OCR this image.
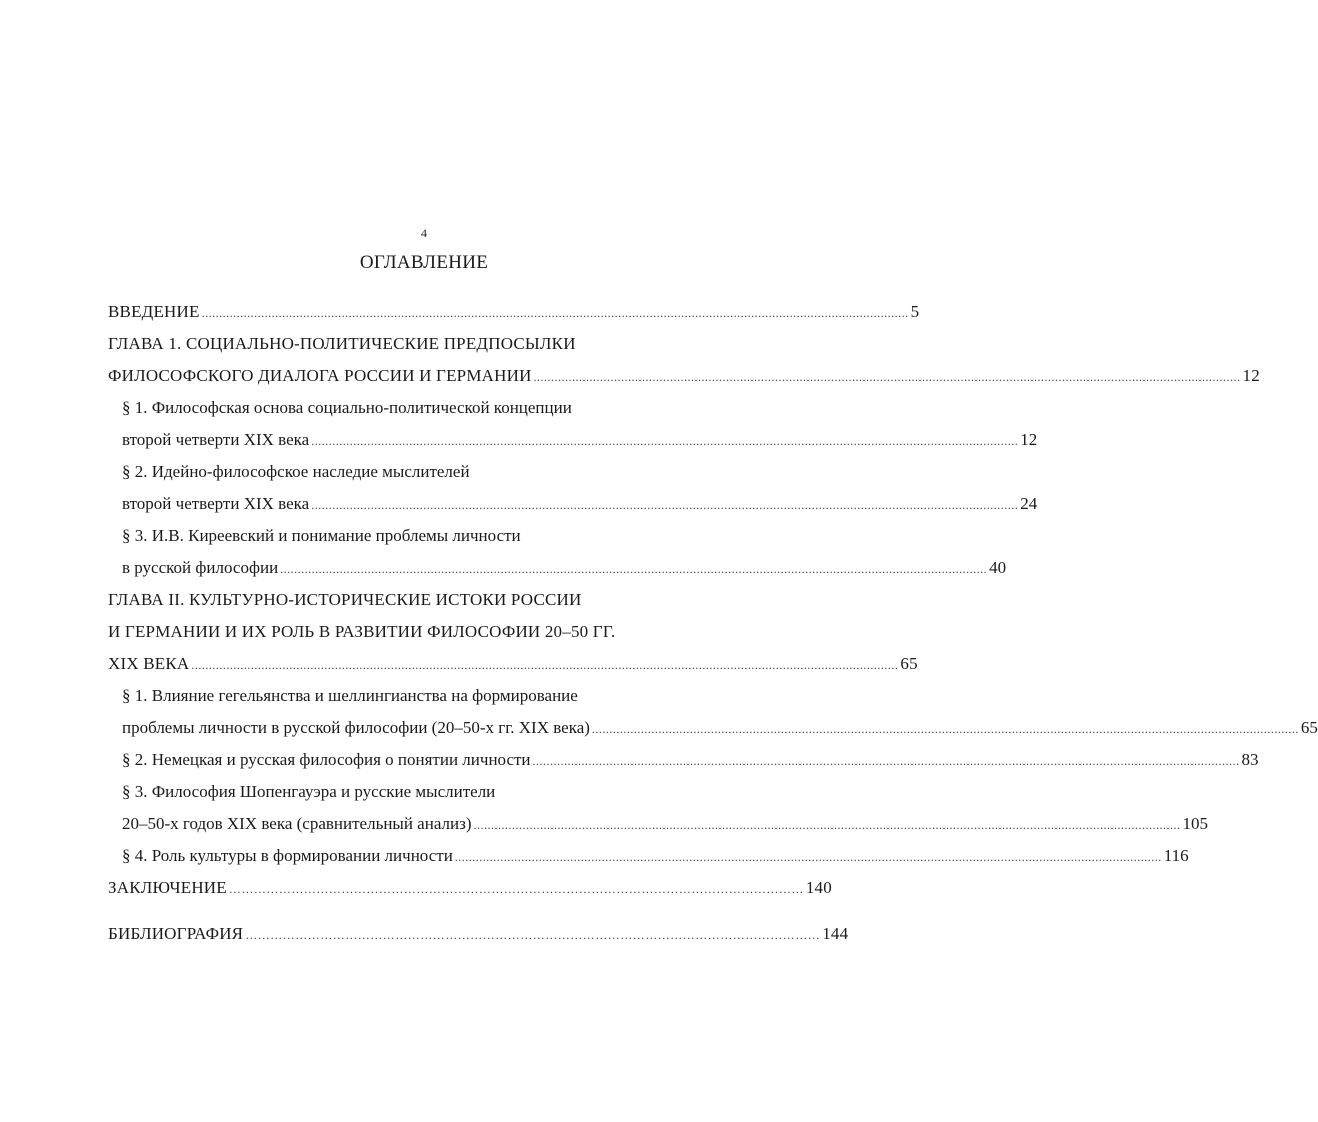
4
ОГЛАВЛЕНИЕ
ВВЕДЕНИЕ .......................................................................................................................................................................................................... 5
ГЛАВА 1. СОЦИАЛЬНО-ПОЛИТИЧЕСКИЕ ПРЕДПОСЫЛКИ
ФИЛОСОФСКОГО ДИАЛОГА РОССИИ И ГЕРМАНИИ .......................................................................................................................................................................................................... 12
§ 1. Философская основа социально-политической концепции
второй четверти XIX века .......................................................................................................................................................................................................... 12
§ 2. Идейно-философское наследие мыслителей
второй четверти XIX века .......................................................................................................................................................................................................... 24
§ 3. И.В. Киреевский и понимание проблемы личности
в русской философии .......................................................................................................................................................................................................... 40
ГЛАВА II. КУЛЬТУРНО-ИСТОРИЧЕСКИЕ ИСТОКИ РОССИИ
И ГЕРМАНИИ И ИХ РОЛЬ В РАЗВИТИИ ФИЛОСОФИИ 20–50 ГГ.
XIX ВЕКА .......................................................................................................................................................................................................... 65
§ 1. Влияние гегельянства и шеллингианства на формирование
проблемы личности в русской философии (20–50-х гг. XIX века) .......................................................................................................................................................................................................... 65
§ 2. Немецкая и русская философия о понятии личности .......................................................................................................................................................................................................... 83
§ 3. Философия Шопенгауэра и русские мыслители
20–50-х годов XIX века (сравнительный анализ) .......................................................................................................................................................................................................... 105
§ 4. Роль культуры в формировании личности .......................................................................................................................................................................................................... 116
ЗАКЛЮЧЕНИЕ ………………………………………………………………………………………………………………………… 140
БИБЛИОГРАФИЯ ………………………………………………………………………………………………………………………… 144
